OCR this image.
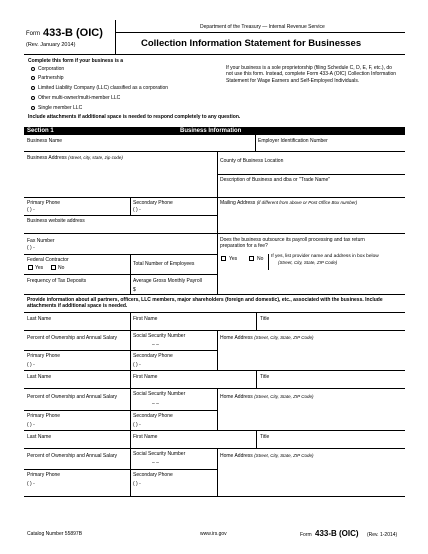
Form 433-B (OIC)
(Rev. January 2014)
Department of the Treasury — Internal Revenue Service
Collection Information Statement for Businesses
Complete this form if your business is a
Corporation
Partnership
Limited Liability Company (LLC) classified as a corporation
Other multi-owner/multi-member LLC
Single member LLC
If your business is a sole proprietorship (filing Schedule C, D, E, F, etc.), do not use this form. Instead, complete Form 433-A (OIC) Collection Information Statement for Wage Earners and Self-Employed Individuals.
Include attachments if additional space is needed to respond completely to any question.
Section 1	Business Information
Business Name	Employer Identification Number
Business Address (street, city, state, zip code)
County of Business Location
Description of Business and dba or "Trade Name"
Primary Phone
( ) -
Secondary Phone
( ) -
Mailing Address (if different from above or Post Office Box number)
Business website address
Fax Number
( ) -
Does the business outsource its payroll processing and tax return preparation for a fee?
Yes	No If yes, list provider name and address in box below
(Street, City, State, ZIP Code)
Federal Contractor
Yes	No
Total Number of Employees
Frequency of Tax Deposits	Average Gross Monthly Payroll
$
Provide information about all partners, officers, LLC members, major shareholders (foreign and domestic), etc., associated with the business. Include attachments if additional space is needed.
Last Name	First Name	Title
Percent of Ownership and Annual Salary	Social Security Number
– –
Home Address (Street, City, State, ZIP Code)
Primary Phone
( ) -
Secondary Phone
( ) -
Last Name	First Name	Title
Percent of Ownership and Annual Salary	Social Security Number
– –
Home Address (Street, City, State, ZIP Code)
Primary Phone
( ) -
Secondary Phone
( ) -
Last Name	First Name	Title
Percent of Ownership and Annual Salary	Social Security Number
– –
Home Address (Street, City, State, ZIP Code)
Primary Phone
( ) -
Secondary Phone
( ) -
Catalog Number 55897B	www.irs.gov	Form 433-B (OIC) (Rev. 1-2014)
